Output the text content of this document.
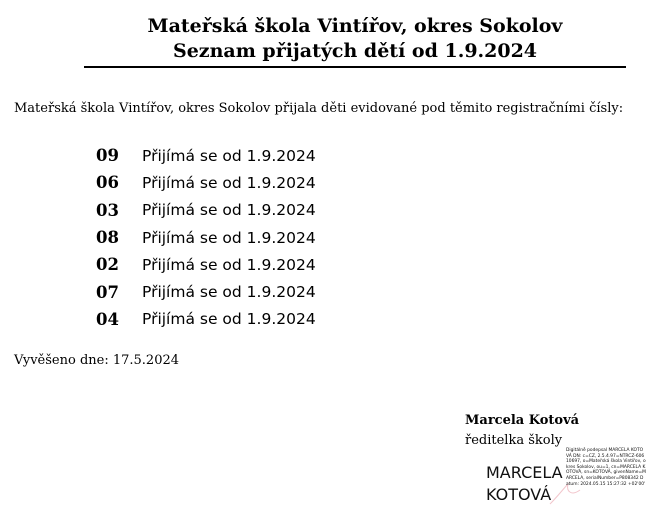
Mateřská škola Vintířov, okres Sokolov
Seznam přijatých dětí od 1.9.2024
Mateřská škola Vintířov, okres Sokolov přijala děti evidované pod těmito registračními čísly:
09	Přijímá se od 1.9.2024
06	Přijímá se od 1.9.2024
03	Přijímá se od 1.9.2024
08	Přijímá se od 1.9.2024
02	Přijímá se od 1.9.2024
07	Přijímá se od 1.9.2024
04	Přijímá se od 1.9.2024
Vyvěšeno dne: 17.5.2024
Marcela Kotová
ředitelka školy
MARCELA
KOTOVÁ
Digitálně podepsal MARCELA KOTOVÁ DN: c=CZ, 2.5.4.97=NTRCZ-60610697, o=Mateřská škola Vintířov, okres Sokolov, ou=1, cn=MARCELA KOTOVÁ, sn=KOTOVÁ, givenName=MARCELA, serialNumber=P808342 Datum: 2024.05.15 15:27:32 +02'00'
